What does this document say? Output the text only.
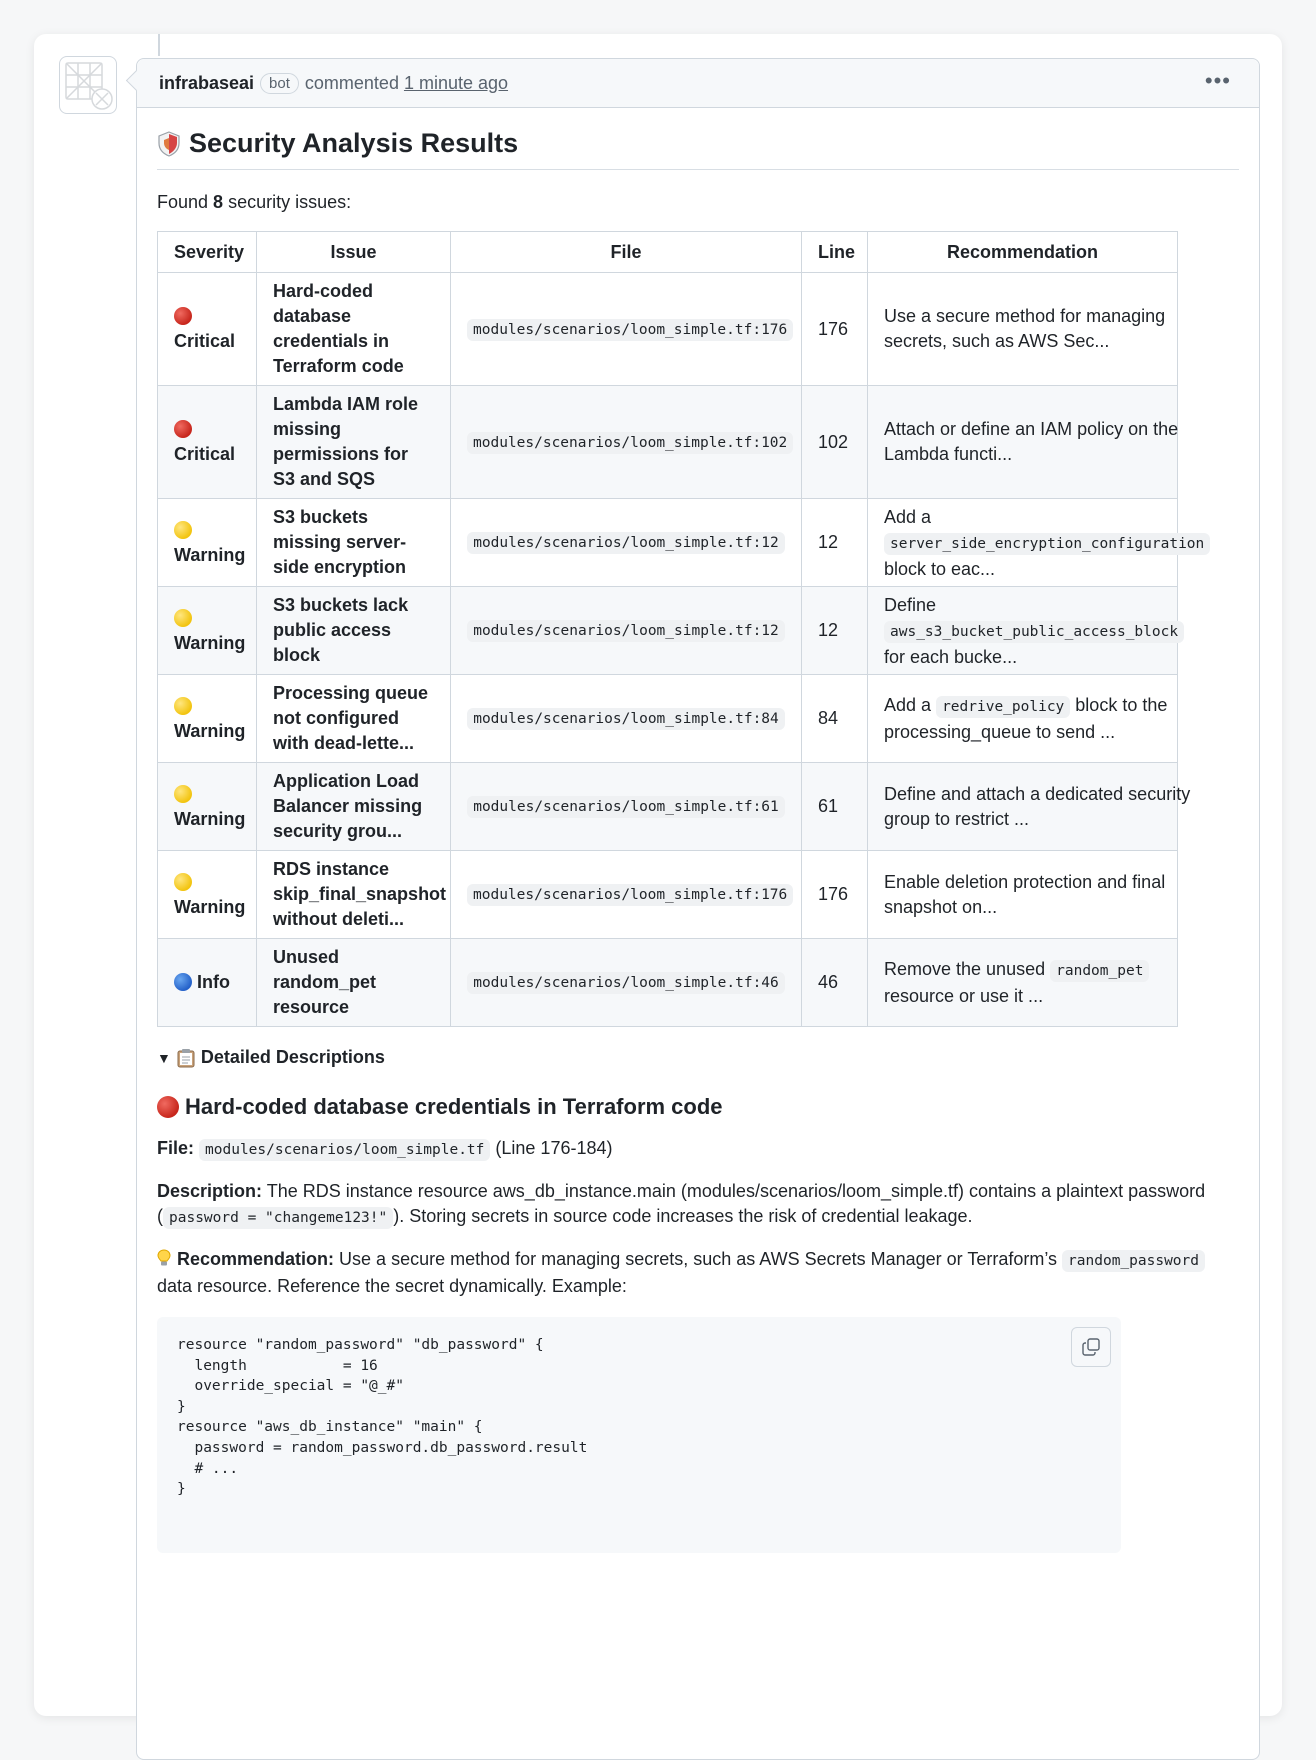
infrabaseai	bot commented 1 minute ago	•••
Security Analysis Results
Found 8 security issues:
Severity	Issue	File	Line	Recommendation

Critical	Hard-coded database credentials in Terraform code	modules/scenarios/loom_simple.tf:176	176	Use a secure method for managing secrets, such as AWS Sec...

Critical	Lambda IAM role missing permissions for S3 and SQS	modules/scenarios/loom_simple.tf:102	102	Attach or define an IAM policy on the Lambda functi...

Warning	S3 buckets missing server-side encryption	modules/scenarios/loom_simple.tf:12	12	Add a server_side_encryption_configuration block to eac...

Warning	S3 buckets lack public access block	modules/scenarios/loom_simple.tf:12	12	Define aws_s3_bucket_public_access_block for each bucke...

Warning	Processing queue not configured with dead-lette...	modules/scenarios/loom_simple.tf:84	84	Add a redrive_policy block to the processing_queue to send ...

Warning	Application Load Balancer missing security grou...	modules/scenarios/loom_simple.tf:61	61	Define and attach a dedicated security group to restrict ...

Warning	RDS instance skip_final_snapshot without deleti...	modules/scenarios/loom_simple.tf:176	176	Enable deletion protection and final snapshot on...

Info	Unused random_pet resource	modules/scenarios/loom_simple.tf:46	46	Remove the unused random_pet resource or use it ...
▼ Detailed Descriptions
Hard-coded database credentials in Terraform code

File: modules/scenarios/loom_simple.tf (Line 176-184)

Description: The RDS instance resource aws_db_instance.main (modules/scenarios/loom_simple.tf) contains a plaintext password ( password = "changeme123!" ). Storing secrets in source code increases the risk of credential leakage.

Recommendation: Use a secure method for managing secrets, such as AWS Secrets Manager or Terraform’s random_password data resource. Reference the secret dynamically. Example:

resource "random_password" "db_password" {
length           = 16
override_special = "@_#"
}
resource "aws_db_instance" "main" {
password = random_password.db_password.result
# ...
}
